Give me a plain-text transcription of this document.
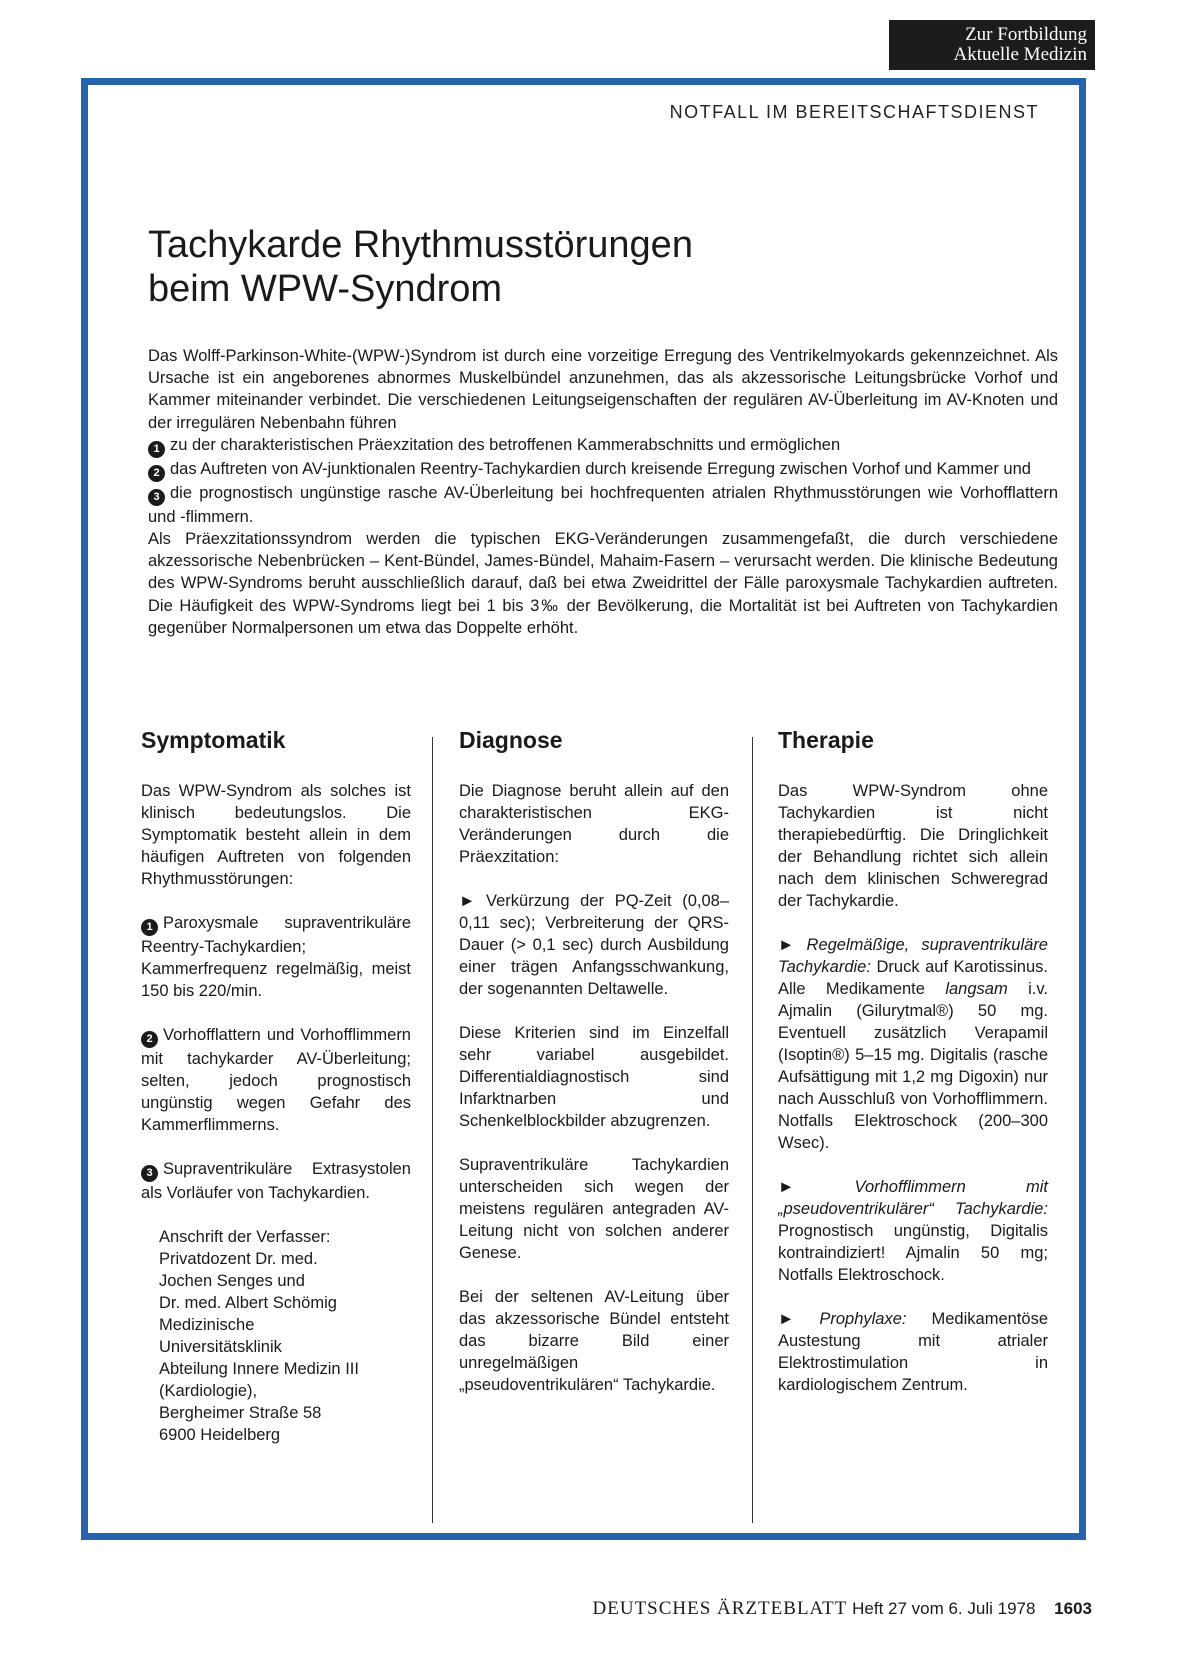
Zur Fortbildung
Aktuelle Medizin
NOTFALL IM BEREITSCHAFTSDIENST
Tachykarde Rhythmusstörungen
beim WPW-Syndrom

Das Wolff-Parkinson-White-(WPW-)Syndrom ist durch eine vorzeitige Erregung des Ventrikelmyokards gekennzeichnet. Als Ursache ist ein angeborenes abnormes Muskelbündel anzunehmen, das als akzessorische Leitungsbrücke Vorhof und Kammer miteinander verbindet. Die verschiedenen Leitungseigenschaften der regulären AV-Überleitung im AV-Knoten und der irregulären Nebenbahn führen

1 zu der charakteristischen Präexzitation des betroffenen Kammerabschnitts und ermöglichen

2 das Auftreten von AV-junktionalen Reentry-Tachykardien durch kreisende Erregung zwischen Vorhof und Kammer und

3 die prognostisch ungünstige rasche AV-Überleitung bei hochfrequenten atrialen Rhythmusstörungen wie Vorhofflattern und -flimmern.

Als Präexzitationssyndrom werden die typischen EKG-Veränderungen zusammengefaßt, die durch verschiedene akzessorische Nebenbrücken – Kent-Bündel, James-Bündel, Mahaim-Fasern – verursacht werden. Die klinische Bedeutung des WPW-Syndroms beruht ausschließlich darauf, daß bei etwa Zweidrittel der Fälle paroxysmale Tachykardien auftreten. Die Häufigkeit des WPW-Syndroms liegt bei 1 bis 3‰ der Bevölkerung, die Mortalität ist bei Auftreten von Tachykardien gegenüber Normalpersonen um etwa das Doppelte erhöht.

Symptomatik

Das WPW-Syndrom als solches ist klinisch bedeutungslos. Die Symptomatik besteht allein in dem häufigen Auftreten von folgenden Rhythmusstörungen:

1 Paroxysmale supraventrikuläre Reentry-Tachykardien; Kammerfrequenz regelmäßig, meist 150 bis 220/min.

2 Vorhofflattern und Vorhofflimmern mit tachykarder AV-Überleitung; selten, jedoch prognostisch ungünstig wegen Gefahr des Kammerflimmerns.

3 Supraventrikuläre Extrasystolen als Vorläufer von Tachykardien.

Anschrift der Verfasser:
Privatdozent Dr. med.
Jochen Senges und
Dr. med. Albert Schömig
Medizinische
Universitätsklinik
Abteilung Innere Medizin III
(Kardiologie),
Bergheimer Straße 58
6900 Heidelberg
Diagnose

Die Diagnose beruht allein auf den charakteristischen EKG-Veränderungen durch die Präexzitation:

► Verkürzung der PQ-Zeit (0,08–0,11 sec); Verbreiterung der QRS-Dauer (> 0,1 sec) durch Ausbildung einer trägen Anfangsschwankung, der sogenannten Deltawelle.

Diese Kriterien sind im Einzelfall sehr variabel ausgebildet. Differentialdiagnostisch sind Infarktnarben und Schenkelblockbilder abzugrenzen.

Supraventrikuläre Tachykardien unterscheiden sich wegen der meistens regulären antegraden AV-Leitung nicht von solchen anderer Genese.

Bei der seltenen AV-Leitung über das akzessorische Bündel entsteht das bizarre Bild einer unregelmäßigen „pseudoventrikulären“ Tachykardie.

Therapie

Das WPW-Syndrom ohne Tachykardien ist nicht therapiebedürftig. Die Dringlichkeit der Behandlung richtet sich allein nach dem klinischen Schweregrad der Tachykardie.

► Regelmäßige, supraventrikuläre Tachykardie: Druck auf Karotissinus. Alle Medikamente langsam i.v. Ajmalin (Gilurytmal®) 50 mg. Eventuell zusätzlich Verapamil (Isoptin®) 5–15 mg. Digitalis (rasche Aufsättigung mit 1,2 mg Digoxin) nur nach Ausschluß von Vorhofflimmern. Notfalls Elektroschock (200–300 Wsec).

►	Vorhofflimmern mit „pseudoventrikulärer“ Tachykardie: Prognostisch ungünstig, Digitalis kontraindiziert! Ajmalin 50 mg; Notfalls Elektroschock.

► Prophylaxe: Medikamentöse Austestung mit atrialer Elektrostimulation in kardiologischem Zentrum.

DEUTSCHES ÄRZTEBLATT Heft 27 vom 6. Juli 1978 1603
